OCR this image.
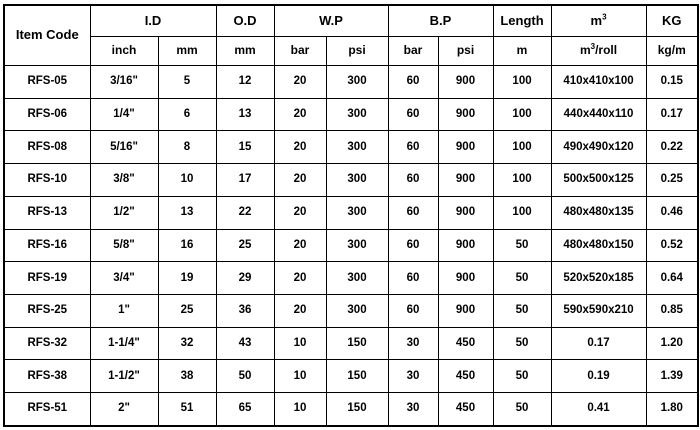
Item Code	I.D		O.D	W.P		B.P		Length	$m^3$	KG
	inch	mm	mm	bar	psi	bar	psi	m	$m^3$/roll	kg/m
RFS-05	3/16"	5	12	20	300	60	900	100	410x410x100	0.15
RFS-06	1/4"	6	13	20	300	60	900	100	440x440x110	0.17
RFS-08	5/16"	8	15	20	300	60	900	100	490x490x120	0.22
RFS-10	3/8"	10	17	20	300	60	900	100	500x500x125	0.25
RFS-13	1/2"	13	22	20	300	60	900	100	480x480x135	0.46
RFS-16	5/8"	16	25	20	300	60	900	50	480x480x150	0.52
RFS-19	3/4"	19	29	20	300	60	900	50	520x520x185	0.64
RFS-25	1"	25	36	20	300	60	900	50	590x590x210	0.85
RFS-32	1-1/4"	32	43	10	150	30	450	50	0.17	1.20
RFS-38	1-1/2"	38	50	10	150	30	450	50	0.19	1.39
RFS-51	2"	51	65	10	150	30	450	50	0.41	1.80
